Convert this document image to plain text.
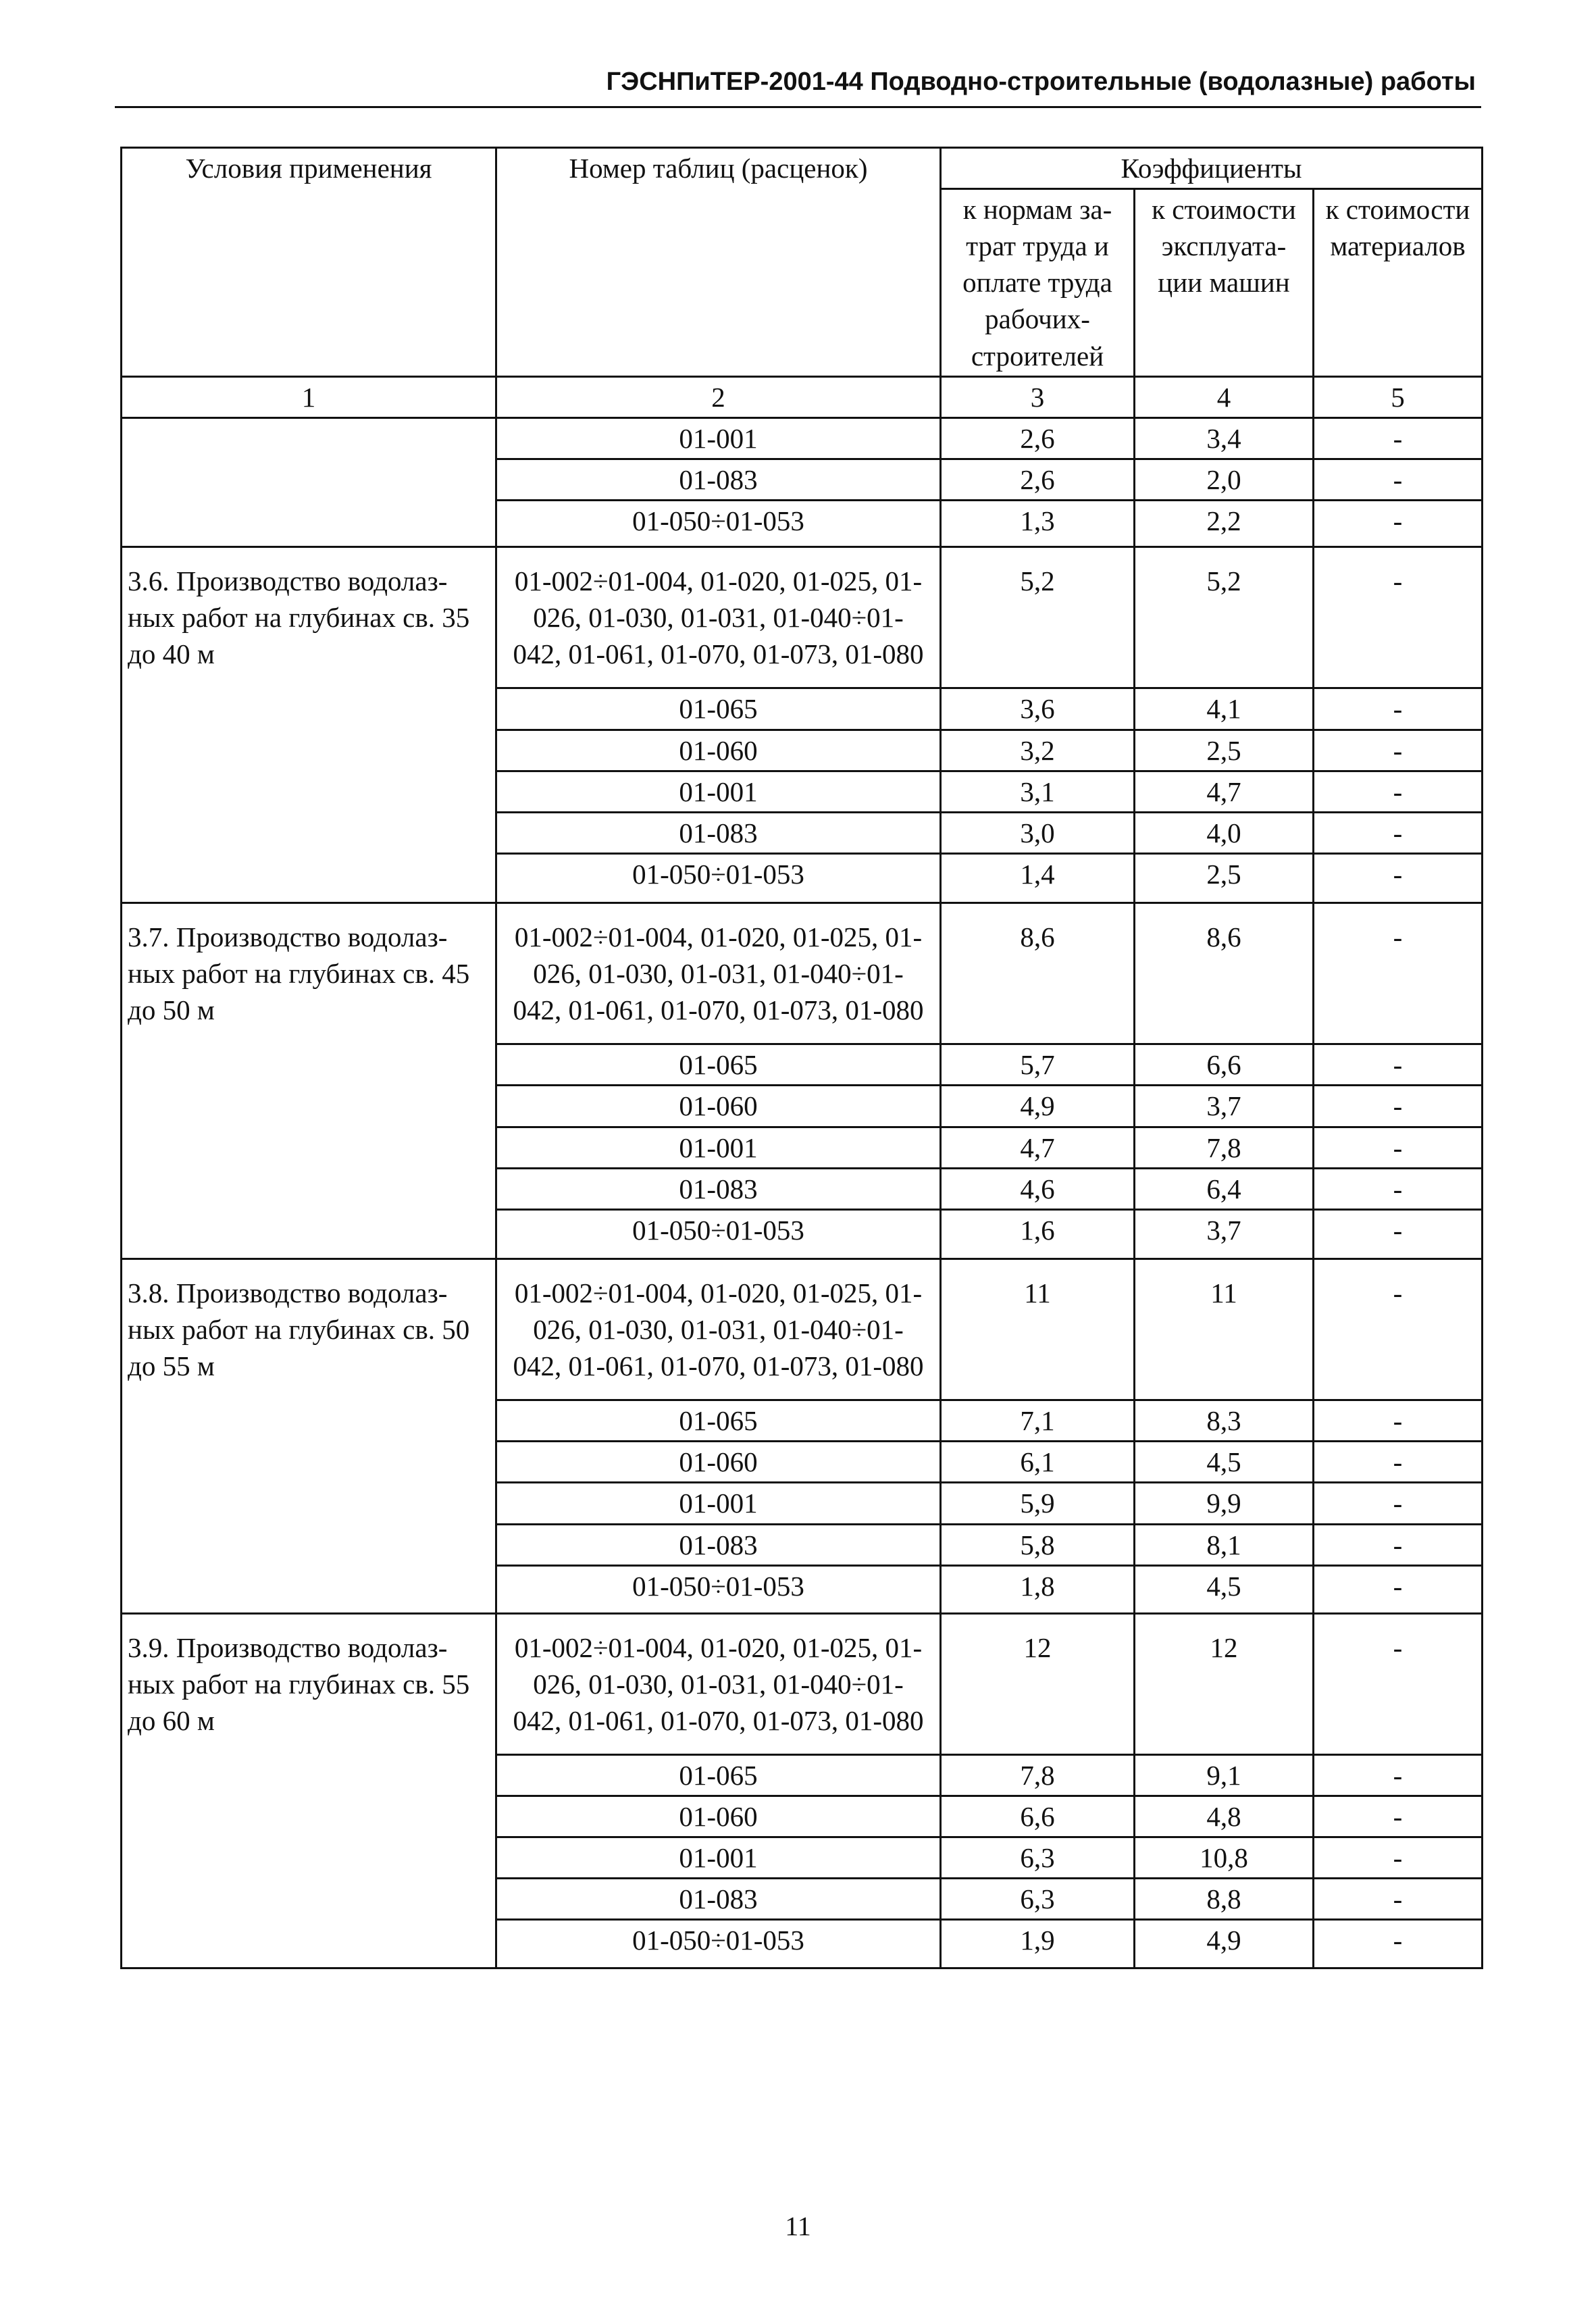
ГЭСНПиТЕР-2001-44 Подводно-строительные (водолазные) работы
Условия применения	Номер таблиц (расценок)	Коэффициенты		
		к нормам за-трат труда и оплате труда рабочих-строителей	к стоимости эксплуата-ции машин	к стоимости материалов
1	2	3	4	5
	01-001	2,6	3,4	-
	01-083	2,6	2,0	-
	01-050÷01-053	1,3	2,2	-
3.6. Производство водолаз-ных работ на глубинах св. 35 до 40 м	01-002÷01-004, 01-020, 01-025, 01-026, 01-030, 01-031, 01-040÷01-042, 01-061, 01-070, 01-073, 01-080	5,2	5,2	-
	01-065	3,6	4,1	-
	01-060	3,2	2,5	-
	01-001	3,1	4,7	-
	01-083	3,0	4,0	-
	01-050÷01-053	1,4	2,5	-
3.7. Производство водолаз-ных работ на глубинах св. 45 до 50 м	01-002÷01-004, 01-020, 01-025, 01-026, 01-030, 01-031, 01-040÷01-042, 01-061, 01-070, 01-073, 01-080	8,6	8,6	-
	01-065	5,7	6,6	-
	01-060	4,9	3,7	-
	01-001	4,7	7,8	-
	01-083	4,6	6,4	-
	01-050÷01-053	1,6	3,7	-
3.8. Производство водолаз-ных работ на глубинах св. 50 до 55 м	01-002÷01-004, 01-020, 01-025, 01-026, 01-030, 01-031, 01-040÷01-042, 01-061, 01-070, 01-073, 01-080	11	11	-
	01-065	7,1	8,3	-
	01-060	6,1	4,5	-
	01-001	5,9	9,9	-
	01-083	5,8	8,1	-
	01-050÷01-053	1,8	4,5	-
3.9. Производство водолаз-ных работ на глубинах св. 55 до 60 м	01-002÷01-004, 01-020, 01-025, 01-026, 01-030, 01-031, 01-040÷01-042, 01-061, 01-070, 01-073, 01-080	12	12	-
	01-065	7,8	9,1	-
	01-060	6,6	4,8	-
	01-001	6,3	10,8	-
	01-083	6,3	8,8	-
	01-050÷01-053	1,9	4,9	-
11
